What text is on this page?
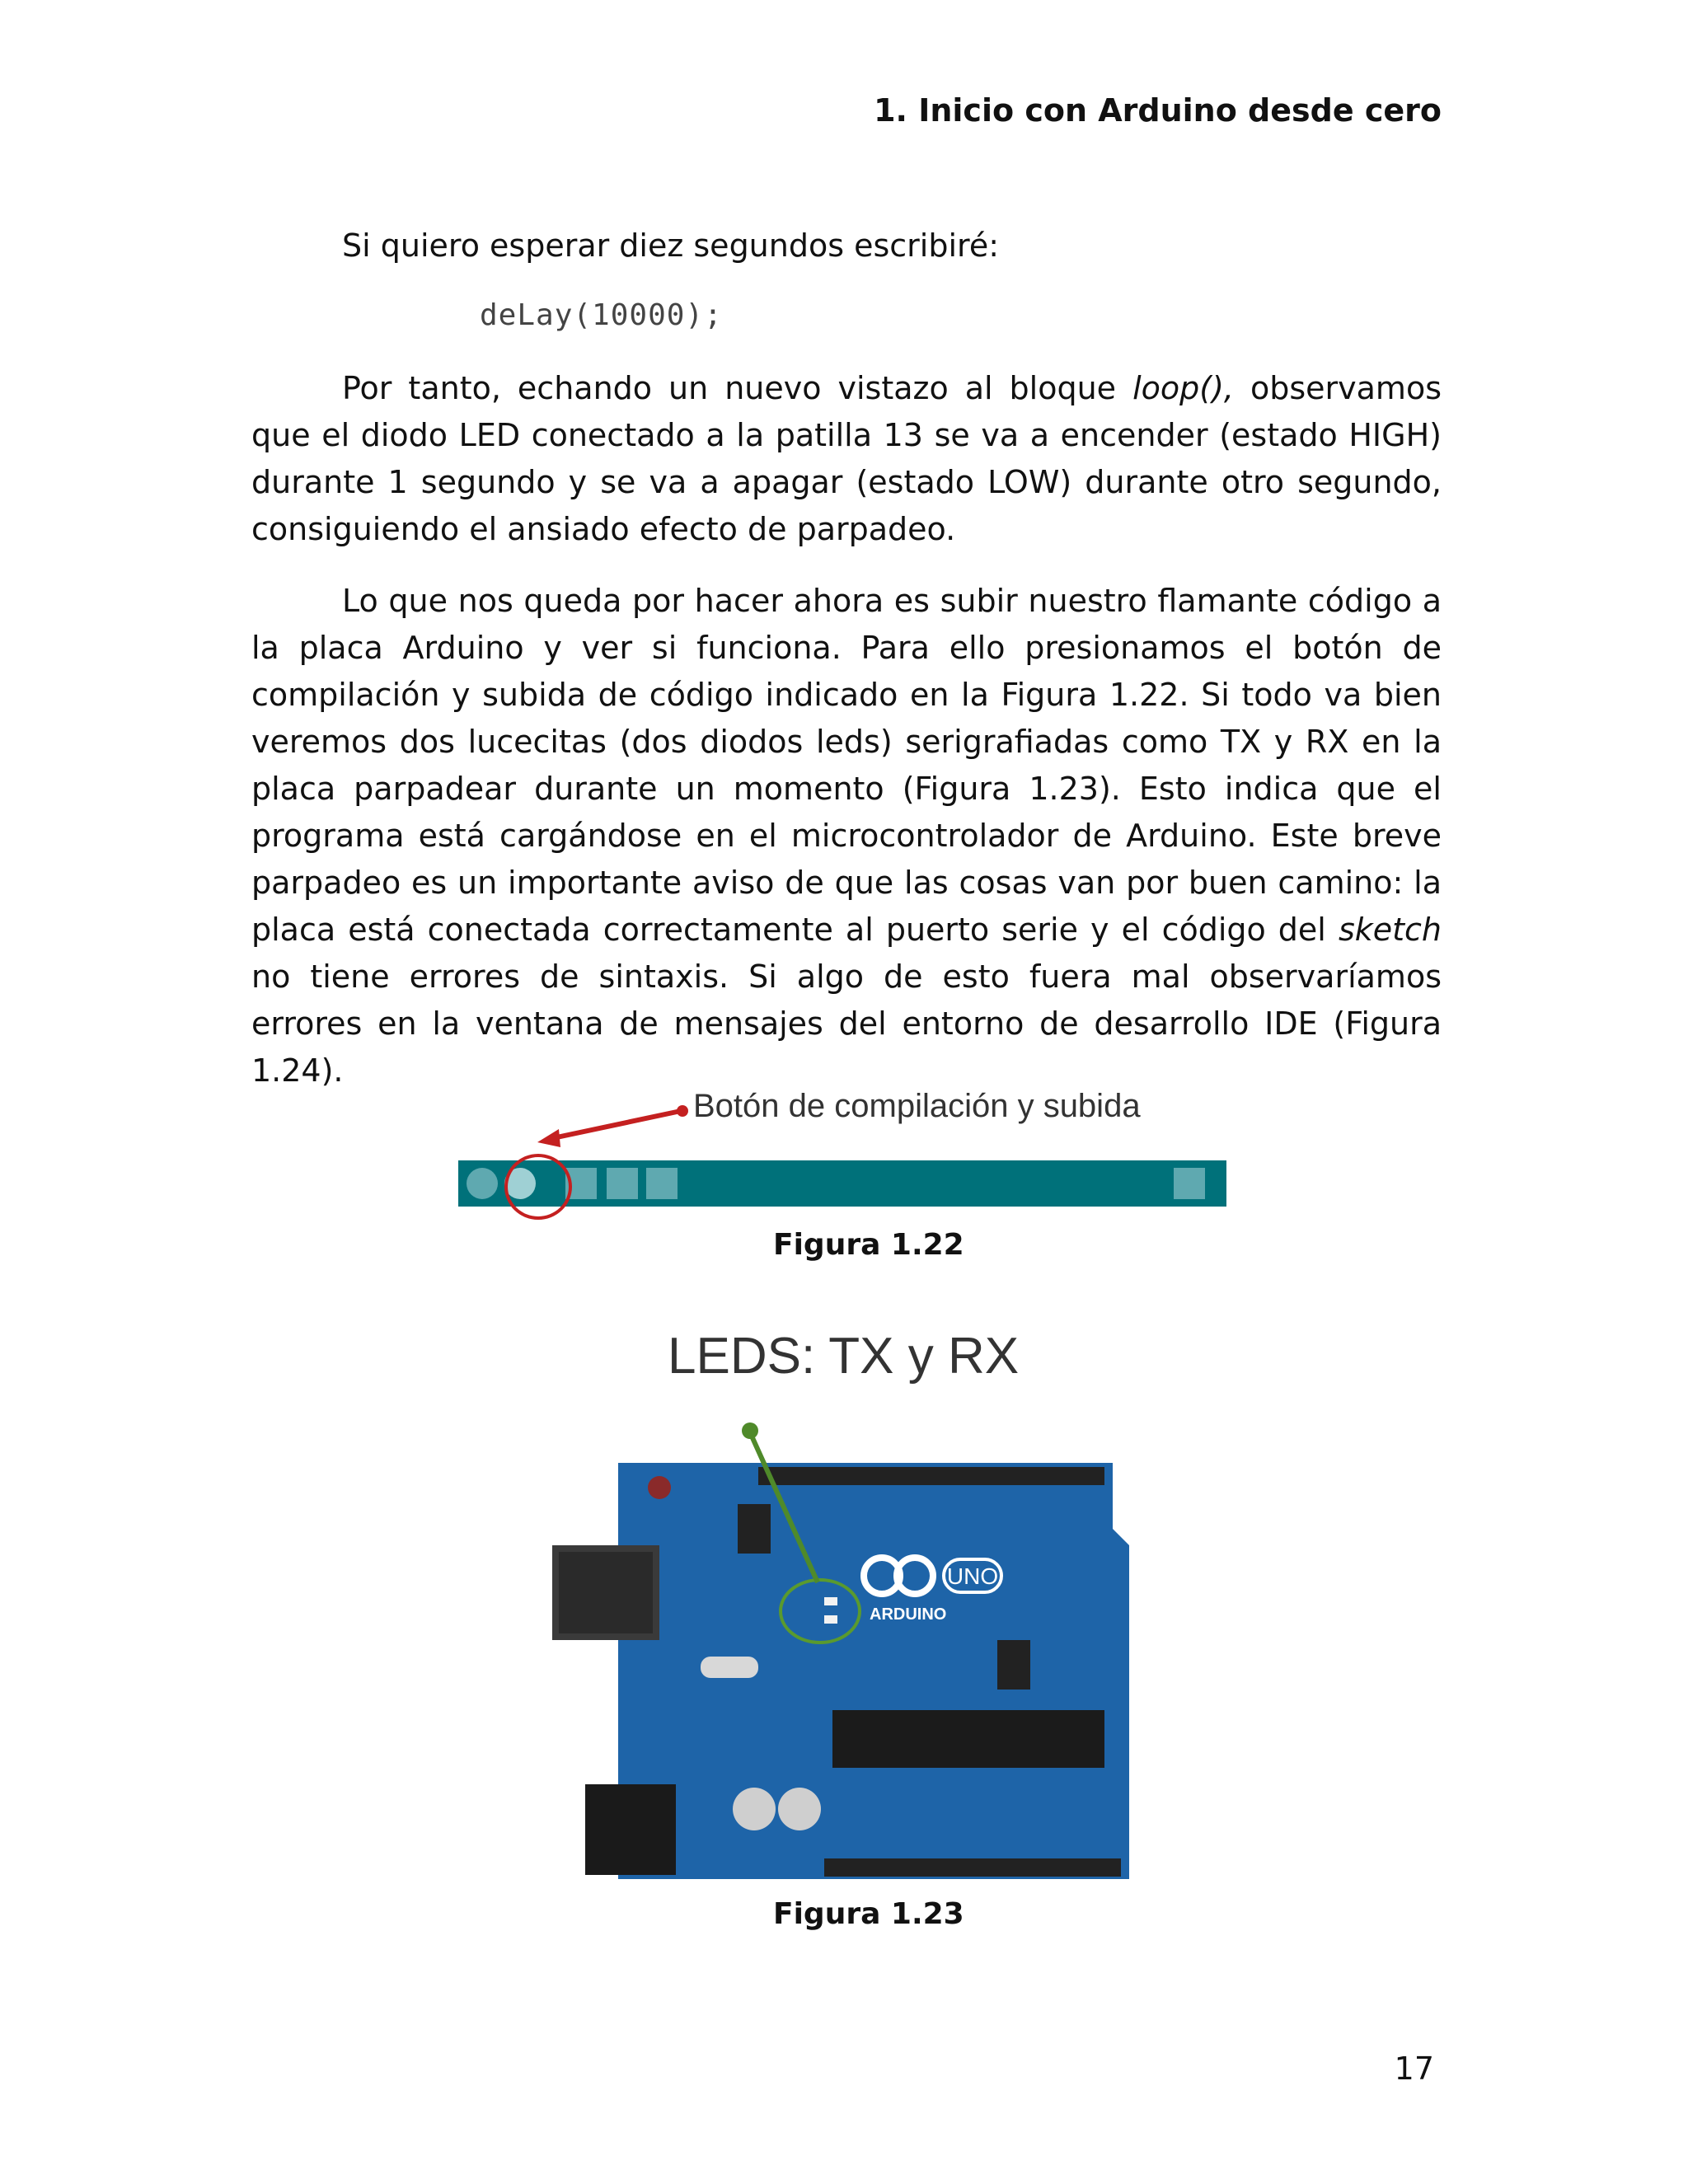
1. Inicio con Arduino desde cero
Si quiero esperar diez segundos escribiré:
deLay(10000);

Por tanto, echando un nuevo vistazo al bloque loop(), observamos que el diodo LED conectado a la patilla 13 se va a encender (estado HIGH) durante 1 segundo y se va a apagar (estado LOW) durante otro segundo, consiguiendo el ansiado efecto de parpadeo.

Lo que nos queda por hacer ahora es subir nuestro flamante código a la placa Arduino y ver si funciona. Para ello presionamos el botón de compilación y subida de código indicado en la Figura 1.22. Si todo va bien veremos dos lucecitas (dos diodos leds) serigrafiadas como TX y RX en la placa parpadear durante un momento (Figura 1.23). Esto indica que el programa está cargándose en el microcontrolador de Arduino. Este breve parpadeo es un importante aviso de que las cosas van por buen camino: la placa está conectada correctamente al puerto serie y el código del sketch no tiene errores de sintaxis. Si algo de esto fuera mal observaríamos errores en la ventana de mensajes del entorno de desarrollo IDE (Figura 1.24).

Botón de compilación y subida
Figura 1.22
LEDS: TX y RX
UNO
ARDUINO
Figura 1.23
17
